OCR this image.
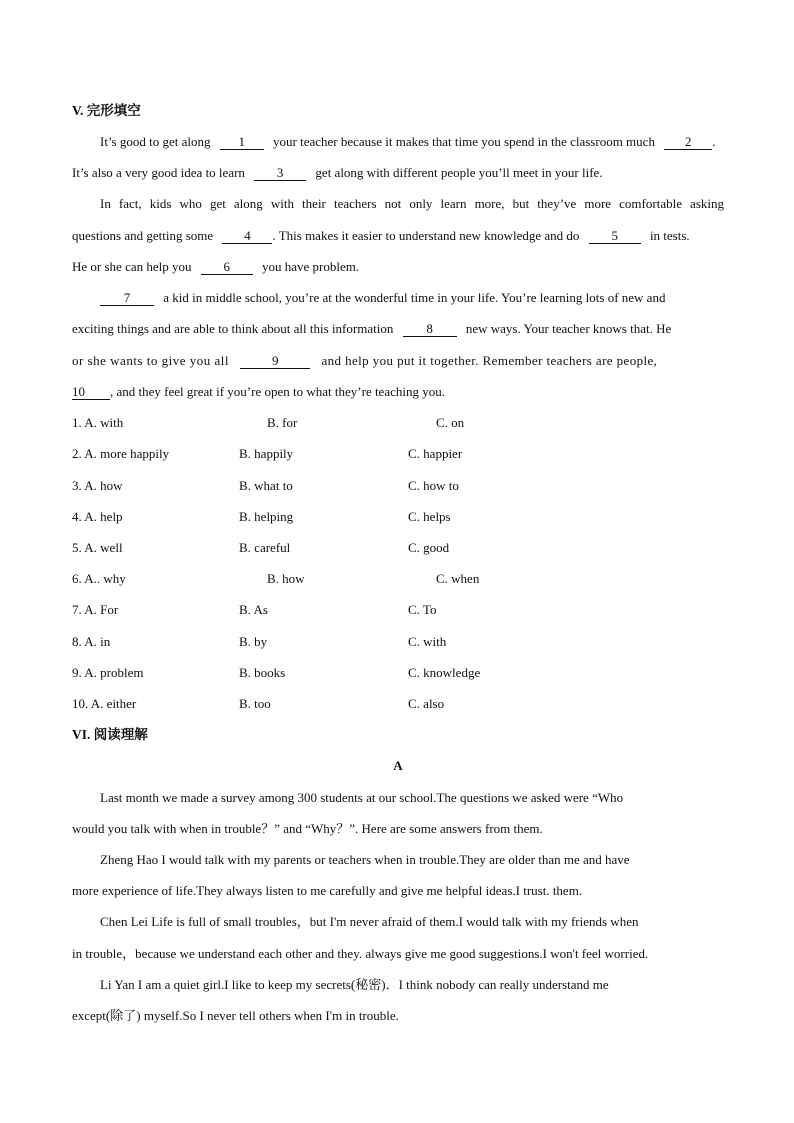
V. 完形填空
It’s good to get along 1 your teacher because it makes that time you spend in the classroom much 2 .
It’s also a very good idea to learn 3 get along with different people you’ll meet in your life.
In fact, kids who get along with their teachers not only learn more, but they’ve more comfortable asking
questions and getting some 4 . This makes it easier to understand new knowledge and do 5 in tests.
He or she can help you 6 you have problem.
7	a kid in middle school, you’re at the wonderful time in your life. You’re learning lots of new and
exciting things and are able to think about all this information	8	new ways. Your teacher knows that. He
or she wants to give you all	9	and help you put it together. Remember teachers are people,
10 , and they feel great if you’re open to what they’re teaching you.
1. A. with	B. for	C. on
2. A. more happily	B. happily	C. happier
3. A. how	B. what to	C. how to
4. A. help	B. helping	C. helps
5. A. well	B. careful	C. good
6. A.. why	B. how	C. when
7. A. For	B. As	C. To
8. A. in	B. by	C. with
9. A. problem	B. books	C. knowledge
10. A. either	B. too	C. also
VI. 阅读理解
A
Last month we made a survey among 300 students at our school.The questions we asked were “Who
would you talk with when in trouble？” and “Why？”. Here are some answers from them.
Zheng Hao I would talk with my parents or teachers when in trouble.They are older than me and have
more experience of life.They always listen to me carefully and give me helpful ideas.I trust. them.
Chen Lei Life is full of small troubles，but I'm never afraid of them.I would talk with my friends when
in trouble，because we understand each other and they. always give me good suggestions.I won't feel worried.
Li Yan I am a quiet girl.I like to keep my secrets(秘密)．I think nobody can really understand me
except(除了) myself.So I never tell others when I'm in trouble.
